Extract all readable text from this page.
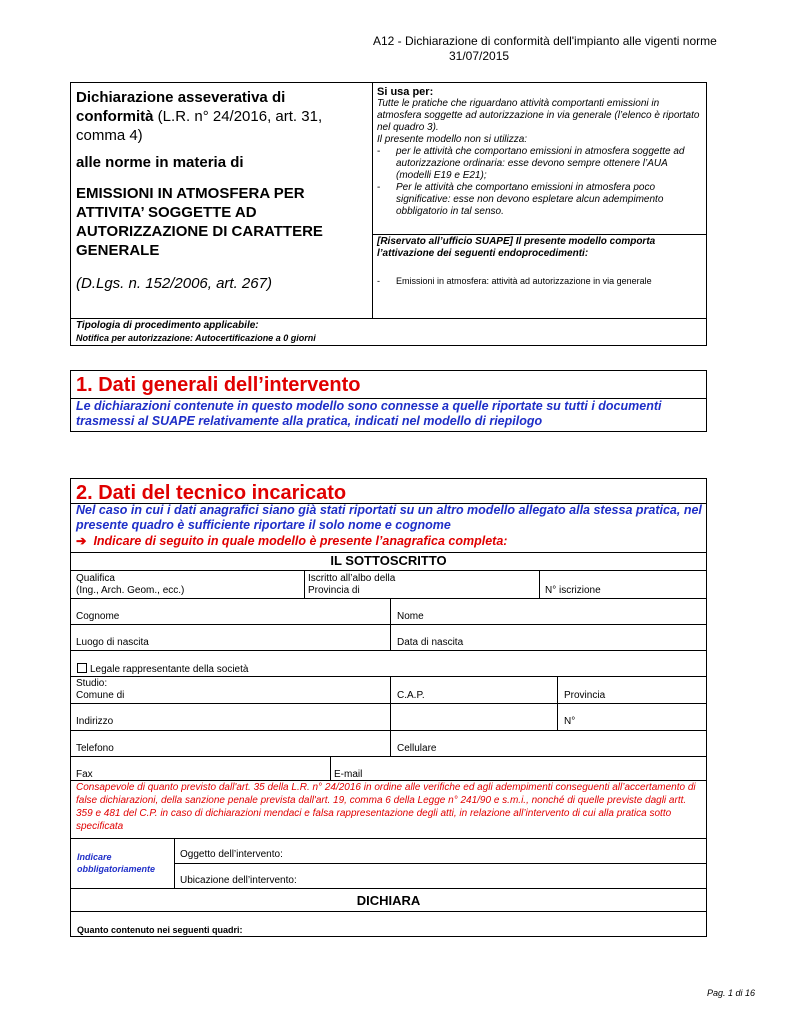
A12 - Dichiarazione di conformità dell'impianto alle vigenti norme
31/07/2015
Dichiarazione asseverativa di conformità (L.R. n° 24/2016, art. 31, comma 4)
alle norme in materia di
EMISSIONI IN ATMOSFERA PER ATTIVITA’ SOGGETTE AD AUTORIZZAZIONE DI CARATTERE GENERALE
(D.Lgs. n. 152/2006, art. 267)
Si usa per:
Tutte le pratiche che riguardano attività comportanti emissioni in atmosfera soggette ad autorizzazione in via generale (l’elenco è riportato nel quadro 3).
Il presente modello non si utilizza:
-	per le attività che comportano emissioni in atmosfera soggette ad autorizzazione ordinaria: esse devono sempre ottenere l’AUA (modelli E19 e E21);
-	Per le attività che comportano emissioni in atmosfera poco significative: esse non devono espletare alcun adempimento obbligatorio in tal senso.
[Riservato all’ufficio SUAPE] Il presente modello comporta l’attivazione dei seguenti endoprocedimenti:
-	Emissioni in atmosfera: attività ad autorizzazione in via generale
Tipologia di procedimento applicabile:
Notifica per autorizzazione: Autocertificazione a 0 giorni
1. Dati generali dell’intervento
Le dichiarazioni contenute in questo modello sono connesse a quelle riportate su tutti i documenti trasmessi al SUAPE relativamente alla pratica, indicati nel modello di riepilogo
2. Dati del tecnico incaricato
Nel caso in cui i dati anagrafici siano già stati riportati su un altro modello allegato alla stessa pratica, nel presente quadro è sufficiente riportare il solo nome e cognome
➔ Indicare di seguito in quale modello è presente l’anagrafica completa:
IL SOTTOSCRITTO
Qualifica
(Ing., Arch. Geom., ecc.)
Iscritto all’albo della
Provincia di	N° iscrizione
Cognome	Nome
Luogo di nascita	Data di nascita
Legale rappresentante della società
Studio:
Comune di	C.A.P.	Provincia
Indirizzo	N°
Telefono	Cellulare
Fax	E-mail
Consapevole di quanto previsto dall'art. 35 della L.R. n° 24/2016 in ordine alle verifiche ed agli adempimenti conseguenti all’accertamento di false dichiarazioni, della sanzione penale prevista dall'art. 19, comma 6 della Legge n° 241/90 e s.m.i., nonché di quelle previste dagli artt. 359 e 481 del C.P. in caso di dichiarazioni mendaci e falsa rappresentazione degli atti, in relazione all’intervento di cui alla pratica sotto specificata
Indicare obbligatoriamente
Oggetto dell’intervento:
Ubicazione dell’intervento:
DICHIARA
Quanto contenuto nei seguenti quadri:
Pag. 1 di 16
